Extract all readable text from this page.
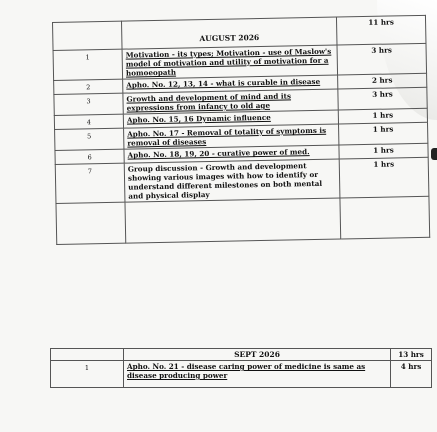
	AUGUST 2026	11 hrs
1	Motivation - its types; Motivation - use of Maslow's model of motivation and utility of motivation for a homoeopath	3 hrs
2	Apho. No. 12, 13, 14 - what is curable in disease	2 hrs
3	Growth and development of mind and its expressions from infancy to old age	3 hrs
4	Apho. No. 15, 16 Dynamic influence	1 hrs
5	Apho. No. 17 - Removal of totality of symptoms is removal of diseases	1 hrs
6	Apho. No. 18, 19, 20 - curative power of med.	1 hrs
7	Group discussion - Growth and development showing various images with how to identify or understand different milestones on both mental and physical display	1 hrs

	SEPT 2026	13 hrs
1	Apho. No. 21 - disease caring power of medicine is same as disease producing power	4 hrs
